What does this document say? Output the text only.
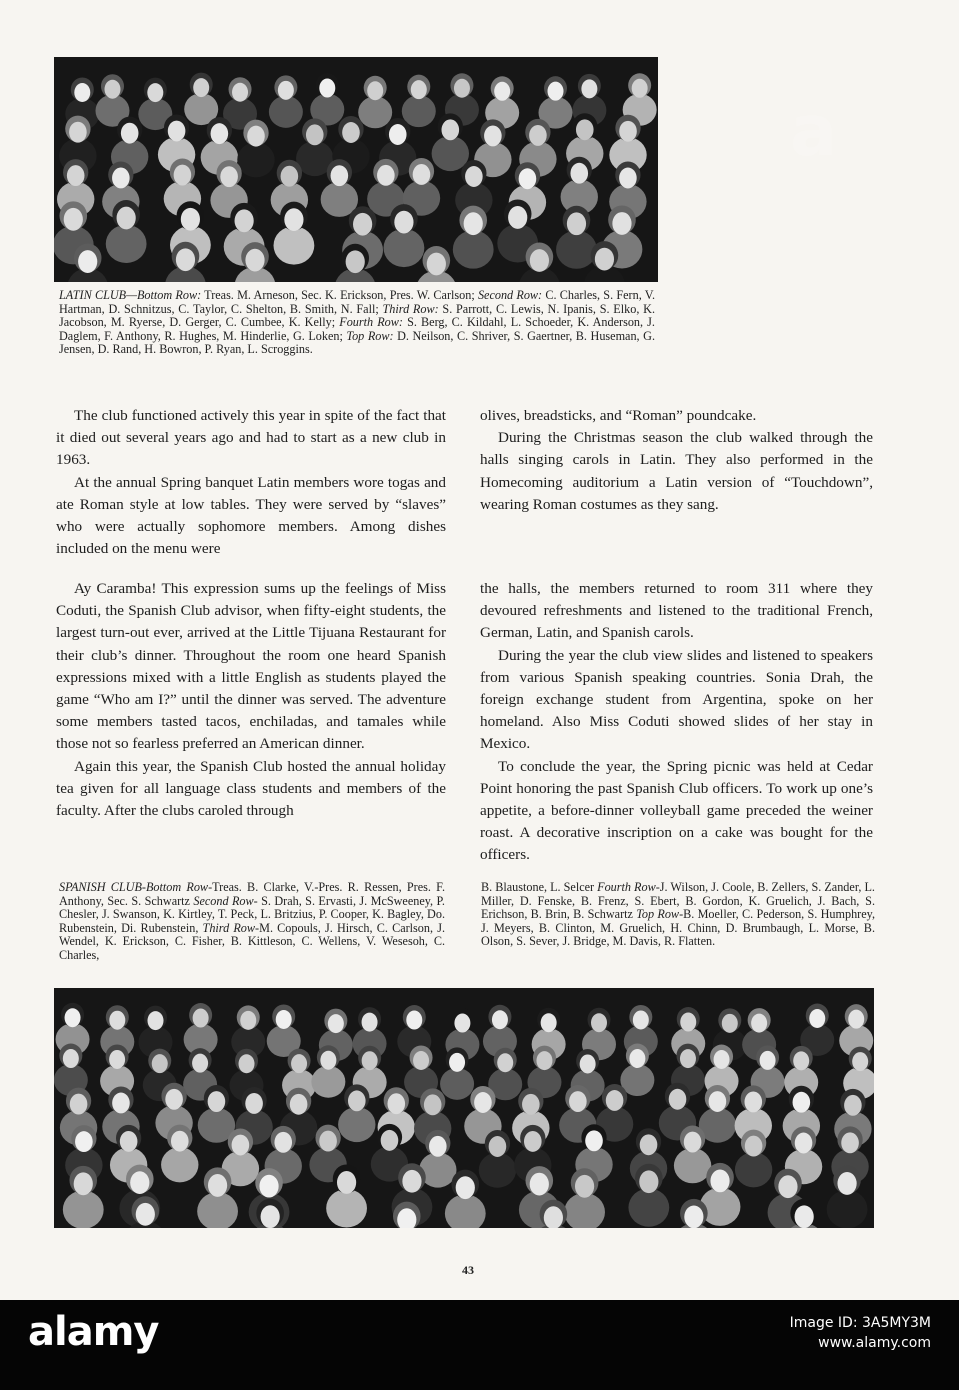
LATIN CLUB—Bottom Row: Treas. M. Arneson, Sec. K. Erickson, Pres. W. Carlson; Second Row: C. Charles, S. Fern, V. Hartman, D. Schnitzus, C. Taylor, C. Shelton, B. Smith, N. Fall; Third Row: S. Parrott, C. Lewis, N. Ipanis, S. Elko, K. Jacobson, M. Ryerse, D. Gerger, C. Cumbee, K. Kelly; Fourth Row: S. Berg, C. Kildahl, L. Schoeder, K. Anderson, J. Daglem, F. Anthony, R. Hughes, M. Hinderlie, G. Loken; Top Row: D. Neilson, C. Shriver, S. Gaertner, B. Huseman, G. Jensen, D. Rand, H. Bowron, P. Ryan, L. Scroggins.

The club functioned actively this year in spite of the fact that it died out several years ago and had to start as a new club in 1963.

At the annual Spring banquet Latin members wore togas and ate Roman style at low tables. They were served by “slaves” who were actually sophomore members. Among dishes included on the menu were

olives, breadsticks, and “Roman” poundcake.

During the Christmas season the club walked through the halls singing carols in Latin. They also performed in the Homecoming auditorium a Latin version of “Touchdown”, wearing Roman costumes as they sang.

Ay Caramba! This expression sums up the feelings of Miss Coduti, the Spanish Club advisor, when fifty-eight students, the largest turn-out ever, arrived at the Little Tijuana Restaurant for their club’s dinner. Throughout the room one heard Spanish expressions mixed with a little English as students played the game “Who am I?” until the dinner was served. The adventure some members tasted tacos, enchiladas, and tamales while those not so fearless preferred an American dinner.

Again this year, the Spanish Club hosted the annual holiday tea given for all language class students and members of the faculty. After the clubs caroled through

the halls, the members returned to room 311 where they devoured refreshments and listened to the traditional French, German, Latin, and Spanish carols.

During the year the club view slides and listened to speakers from various Spanish speaking countries. Sonia Drah, the foreign exchange student from Argentina, spoke on her homeland. Also Miss Coduti showed slides of her stay in Mexico.

To conclude the year, the Spring picnic was held at Cedar Point honoring the past Spanish Club officers. To work up one’s appetite, a before-dinner volleyball game preceded the weiner roast. A decorative inscription on a cake was bought for the officers.

SPANISH CLUB-Bottom Row-Treas. B. Clarke, V.-Pres. R. Ressen, Pres. F. Anthony, Sec. S. Schwartz Second Row- S. Drah, S. Ervasti, J. McSweeney, P. Chesler, J. Swanson, K. Kirtley, T. Peck, L. Britzius, P. Cooper, K. Bagley, Do. Rubenstein, Di. Rubenstein, Third Row-M. Copouls, J. Hirsch, C. Carlson, J. Wendel, K. Erickson, C. Fisher, B. Kittleson, C. Wellens, V. Wesesoh, C. Charles,
B. Blaustone, L. Selcer Fourth Row-J. Wilson, J. Coole, B. Zellers, S. Zander, L. Miller, D. Fenske, B. Frenz, S. Ebert, B. Gordon, K. Gruelich, J. Bach, S. Erichson, B. Brin, B. Schwartz Top Row-B. Moeller, C. Pederson, S. Humphrey, J. Meyers, B. Clinton, M. Gruelich, H. Chinn, D. Brumbaugh, L. Morse, B. Olson, S. Sever, J. Bridge, M. Davis, R. Flatten.
43
a
alamy	Image ID: 3A5MY3M
www.alamy.com
